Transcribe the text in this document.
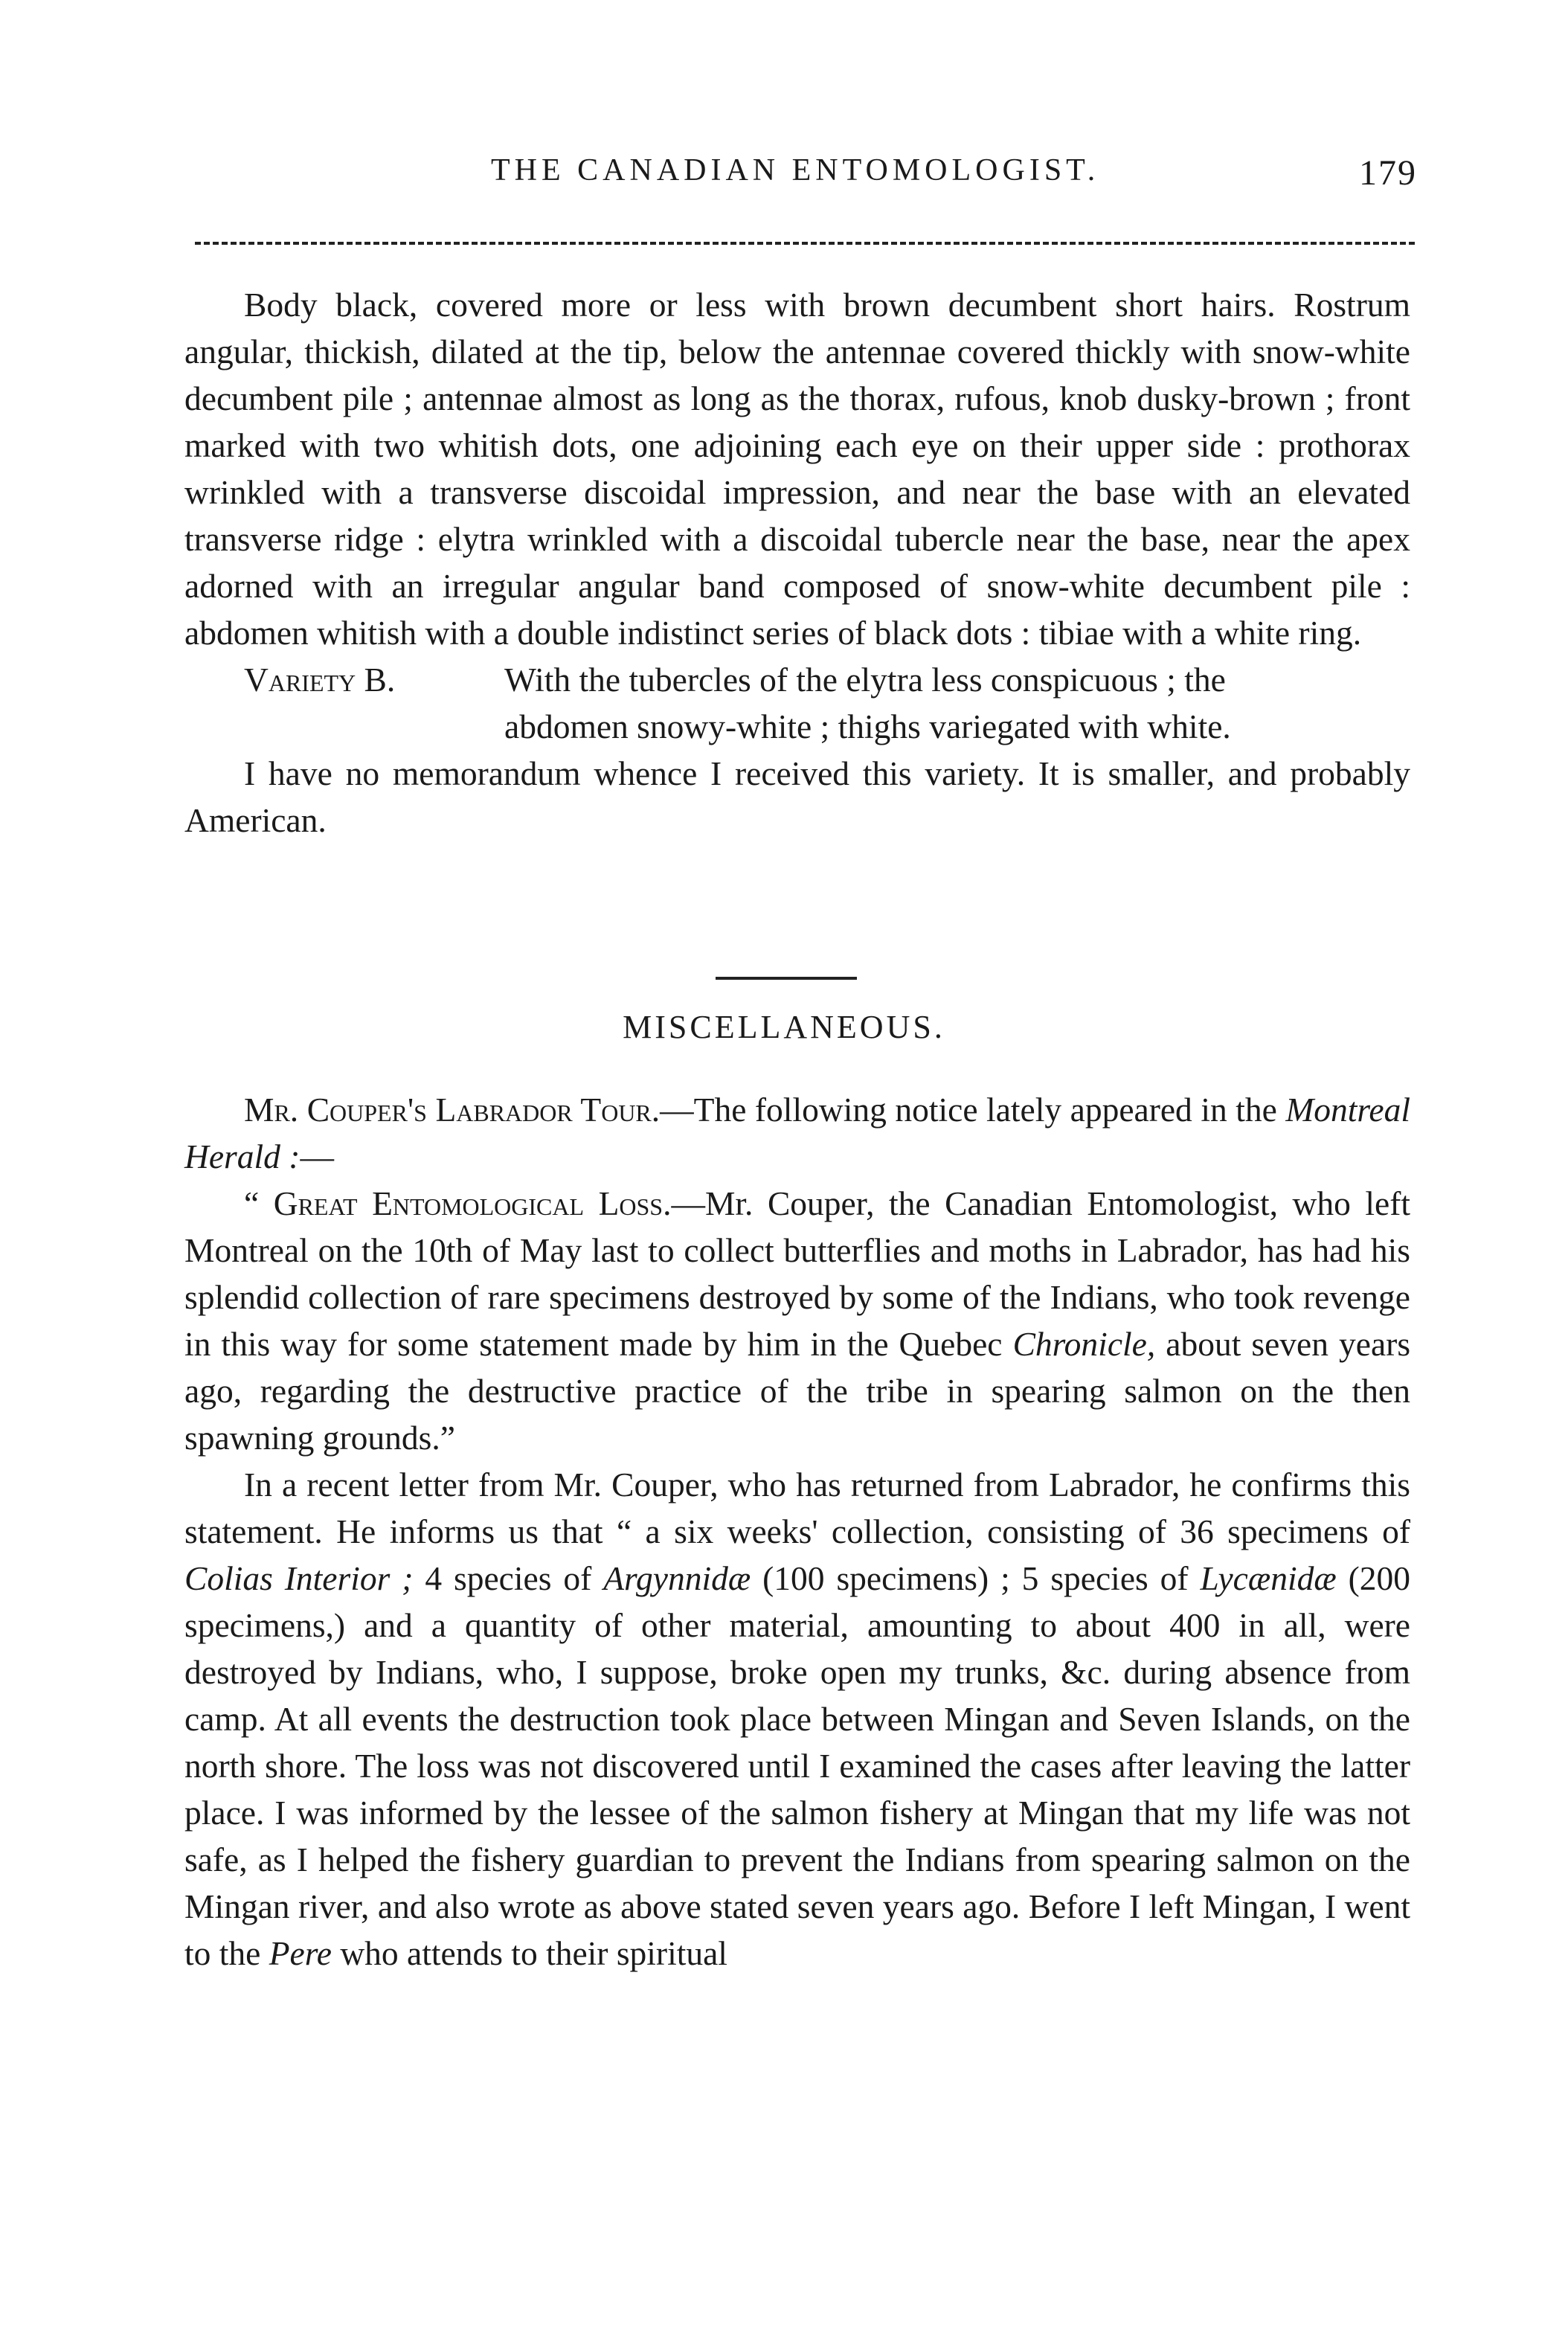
THE CANADIAN ENTOMOLOGIST.	179

Body black, covered more or less with brown decumbent short hairs. Rostrum angular, thickish, dilated at the tip, below the antennae covered thickly with snow-white decumbent pile ; antennae almost as long as the thorax, rufous, knob dusky-brown ; front marked with two whitish dots, one adjoining each eye on their upper side : prothorax wrinkled with a transverse discoidal impression, and near the base with an elevated transverse ridge : elytra wrinkled with a discoidal tubercle near the base, near the apex adorned with an irregular angular band composed of snow-white decumbent pile : abdomen whitish with a double indistinct series of black dots : tibiae with a white ring.

Variety B.	With the tubercles of the elytra less conspicuous ; the
abdomen snowy-white ; thighs variegated with white.

I have no memorandum whence I received this variety. It is smaller, and probably American.

MISCELLANEOUS.

Mr. Couper's Labrador Tour.—The following notice lately appeared in the Montreal Herald :—

“ Great Entomological Loss.—Mr. Couper, the Canadian Entomologist, who left Montreal on the 10th of May last to collect butterflies and moths in Labrador, has had his splendid collection of rare specimens destroyed by some of the Indians, who took revenge in this way for some statement made by him in the Quebec Chronicle, about seven years ago, regarding the destructive practice of the tribe in spearing salmon on the then spawning grounds.”

In a recent letter from Mr. Couper, who has returned from Labrador, he confirms this statement. He informs us that “ a six weeks' collection, consisting of 36 specimens of Colias Interior ; 4 species of Argynnidæ (100 specimens) ; 5 species of Lycænidæ (200 specimens,) and a quantity of other material, amounting to about 400 in all, were destroyed by Indians, who, I suppose, broke open my trunks, &c. during absence from camp. At all events the destruction took place between Mingan and Seven Islands, on the north shore. The loss was not discovered until I examined the cases after leaving the latter place. I was informed by the lessee of the salmon fishery at Mingan that my life was not safe, as I helped the fishery guardian to prevent the Indians from spearing salmon on the Mingan river, and also wrote as above stated seven years ago. Before I left Mingan, I went to the Pere who attends to their spiritual
